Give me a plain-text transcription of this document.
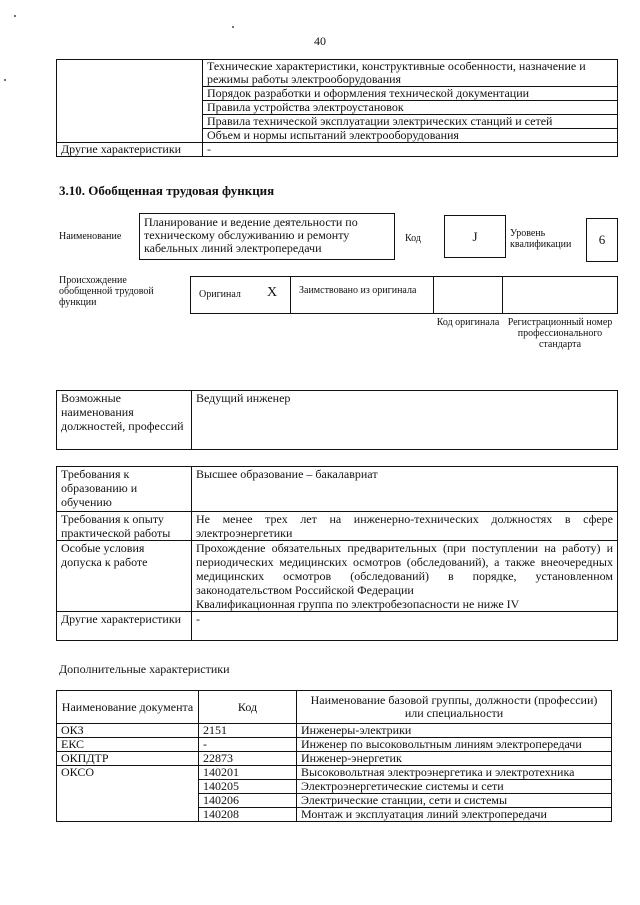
40
	Технические характеристики, конструктивные особенности, назначение и режимы работы электрооборудования
	Порядок разработки и оформления технической документации
	Правила устройства электроустановок
	Правила технической эксплуатации электрических станций и сетей
	Объем и нормы испытаний электрооборудования
Другие характеристики	-
3.10. Обобщенная трудовая функция
Наименование
Планирование и ведение деятельности по техническому обслуживанию и ремонту кабельных линий электропередачи
Код	J	Уровень квалификации	6
Происхождение обобщенной трудовой функции
Оригинал X	Заимствовано из оригинала
Код оригинала Регистрационный номер профессионального стандарта
Возможные наименования должностей, профессий	Ведущий инженер
Требования к образованию и обучению	Высшее образование – бакалавриат
Требования к опыту практической работы	Не менее трех лет на инженерно-технических должностях в сфере электроэнергетики
Особые условия допуска к работе	Прохождение обязательных предварительных (при поступлении на работу) и периодических медицинских осмотров (обследований), а также внеочередных медицинских осмотров (обследований) в порядке, установленном законодательством Российской Федерации
Квалификационная группа по электробезопасности не ниже IV

Другие характеристики	-
Дополнительные характеристики
Наименование документа	Код	Наименование базовой группы, должности (профессии) или специальности
ОКЗ	2151	Инженеры-электрики
ЕКС	-	Инженер по высоковольтным линиям электропередачи
ОКПДТР	22873	Инженер-энергетик
ОКСО	140201	Высоковольтная электроэнергетика и электротехника
	140205	Электроэнергетические системы и сети
	140206	Электрические станции, сети и системы
	140208	Монтаж и эксплуатация линий электропередачи
